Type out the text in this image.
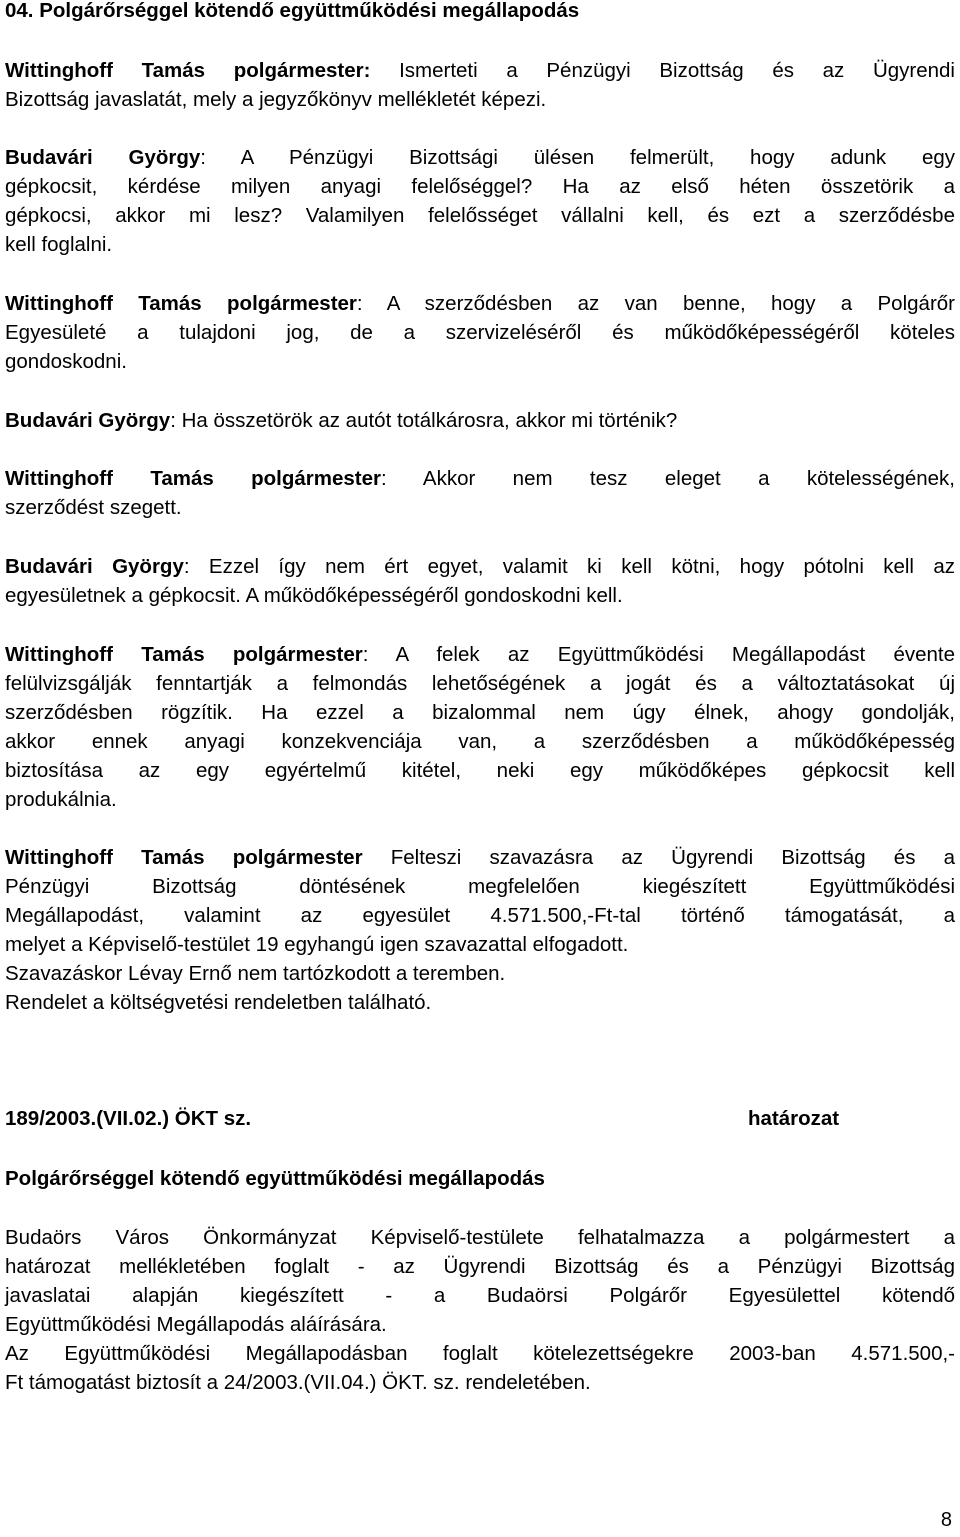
04. Polgárőrséggel kötendő együttműködési megállapodás
Wittinghoff Tamás polgármester: Ismerteti a Pénzügyi Bizottság és az Ügyrendi
Bizottság javaslatát, mely a jegyzőkönyv mellékletét képezi.
Budavári György: A Pénzügyi Bizottsági ülésen felmerült, hogy adunk egy
gépkocsit, kérdése milyen anyagi felelőséggel? Ha az első héten összetörik a
gépkocsi, akkor mi lesz? Valamilyen felelősséget vállalni kell, és ezt a szerződésbe
kell foglalni.
Wittinghoff Tamás polgármester: A szerződésben az van benne, hogy a Polgárőr
Egyesületé a tulajdoni jog, de a szervizeléséről és működőképességéről köteles
gondoskodni.
Budavári György: Ha összetörök az autót totálkárosra, akkor mi történik?
Wittinghoff Tamás polgármester: Akkor nem tesz eleget a kötelességének,
szerződést szegett.
Budavári György: Ezzel így nem ért egyet, valamit ki kell kötni, hogy pótolni kell az
egyesületnek a gépkocsit. A működőképességéről gondoskodni kell.
Wittinghoff Tamás polgármester: A felek az Együttműködési Megállapodást évente
felülvizsgálják fenntartják a felmondás lehetőségének a jogát és a változtatásokat új
szerződésben rögzítik. Ha ezzel a bizalommal nem úgy élnek, ahogy gondolják,
akkor ennek anyagi konzekvenciája van, a szerződésben a működőképesség
biztosítása az egy egyértelmű kitétel, neki egy működőképes gépkocsit kell
produkálnia.
Wittinghoff Tamás polgármester Felteszi szavazásra az Ügyrendi Bizottság és a
Pénzügyi Bizottság döntésének megfelelően kiegészített Együttműködési
Megállapodást, valamint az egyesület 4.571.500,-Ft-tal történő támogatását, a
melyet a Képviselő-testület 19 egyhangú igen szavazattal elfogadott.
Szavazáskor Lévay Ernő nem tartózkodott a teremben.
Rendelet a költségvetési rendeletben található.
189/2003.(VII.02.) ÖKT sz.	határozat
Polgárőrséggel kötendő együttműködési megállapodás
Budaörs Város Önkormányzat Képviselő-testülete felhatalmazza a polgármestert a
határozat mellékletében foglalt - az Ügyrendi Bizottság és a Pénzügyi Bizottság
javaslatai alapján kiegészített - a Budaörsi Polgárőr Egyesülettel kötendő
Együttműködési Megállapodás aláírására.
Az Együttműködési Megállapodásban foglalt kötelezettségekre 2003-ban 4.571.500,-
Ft támogatást biztosít a 24/2003.(VII.04.) ÖKT. sz. rendeletében.
8
